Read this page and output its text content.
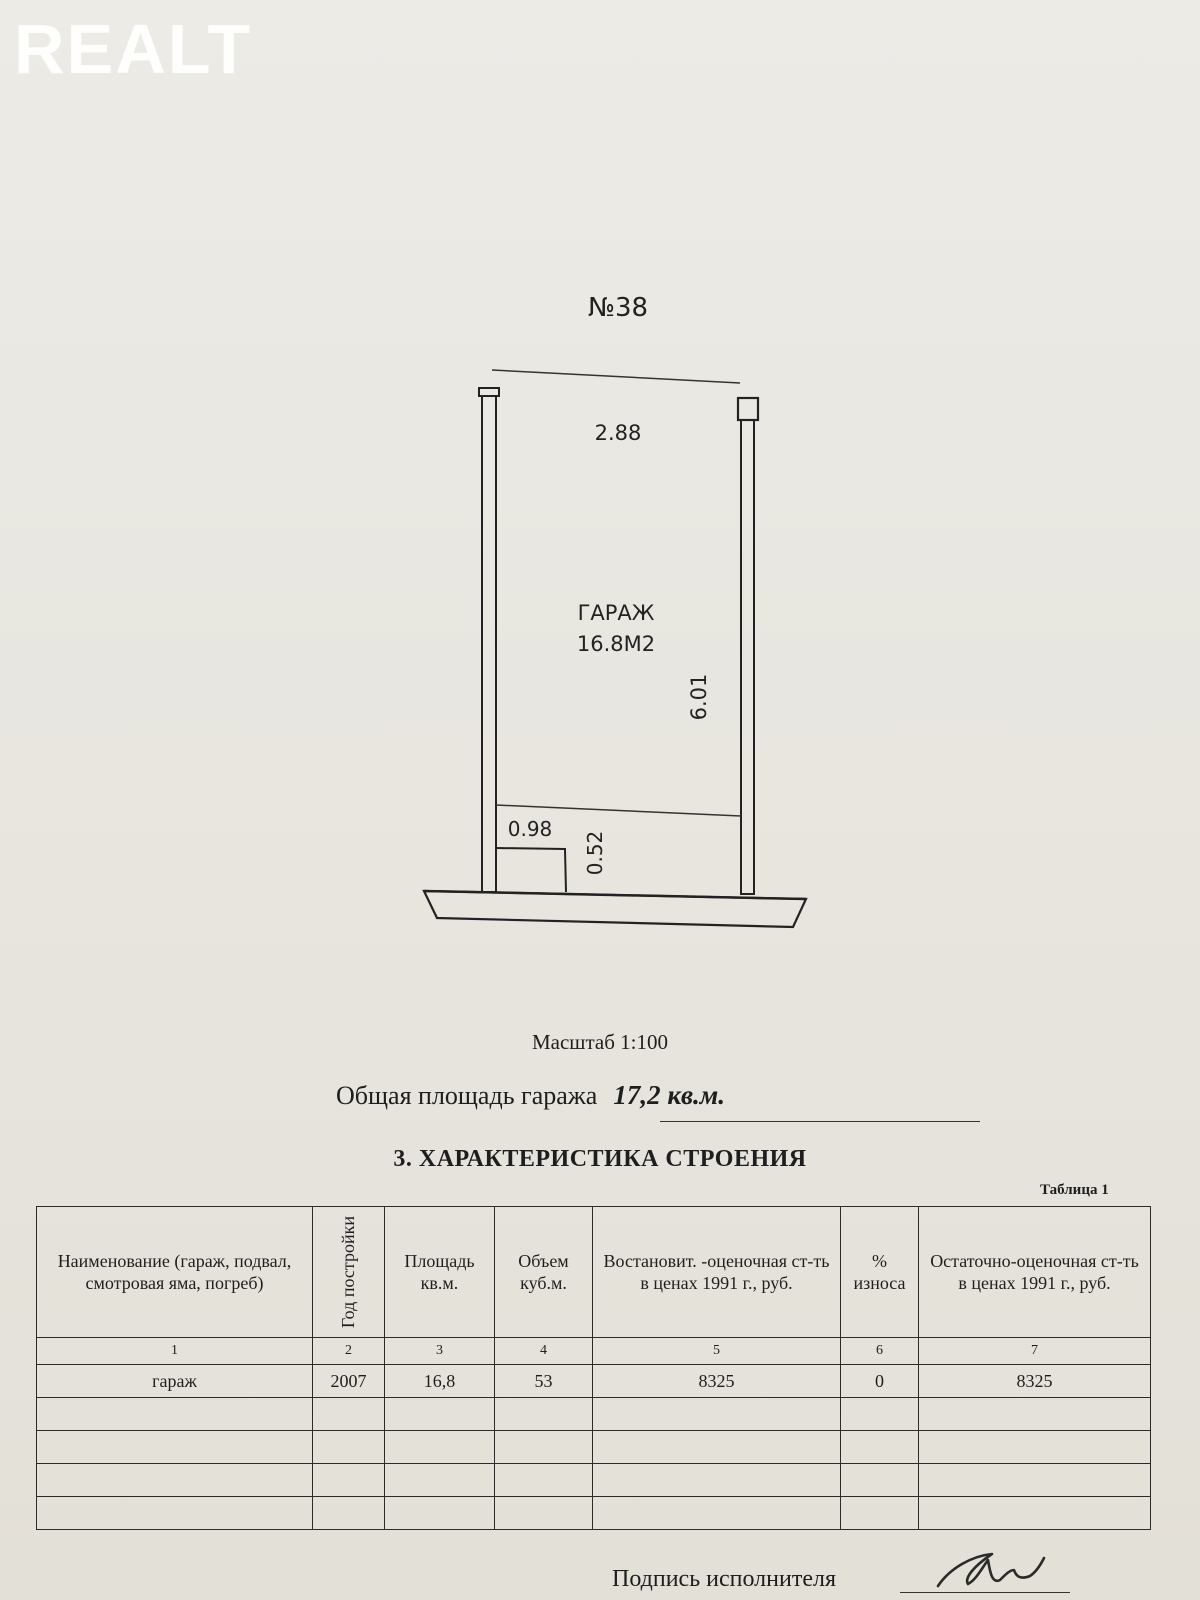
REALT
№38
2.88
ГАРАЖ
16.8М2
6.01
0.98
0.52
Масштаб 1:100
Общая площадь гаража 17,2 кв.м.
3. ХАРАКТЕРИСТИКА СТРОЕНИЯ
Таблица 1
Наименование (гараж, подвал, смотровая яма, погреб)	Год постройки	Площадь кв.м.	Объем куб.м.	Востановит. -оценочная ст-ть в ценах 1991 г., руб.	% износа	Остаточно-оценочная ст-ть в ценах 1991 г., руб.
1	2	3	4	5	6	7
гараж	2007	16,8	53	8325	0	8325

Подпись исполнителя
